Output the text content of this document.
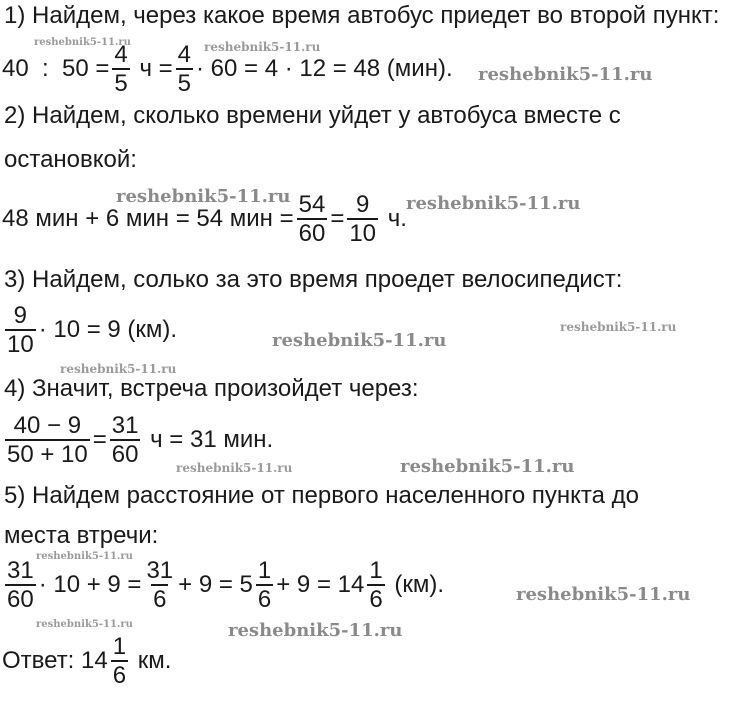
1) Найдем, через какое время автобус приедет во второй пункт:
40  :  $50 = \frac{4}{5}$ $ч = \frac{4}{5} \cdot 60 = 4 \cdot 12 = 48$ (мин).
2) Найдем, сколько времени уйдет у автобуса вместе с
остановкой:
48 мин + 6 мин = 54 мин = $\frac{54}{60} = \frac{9}{10} ч$.
3) Найдем, солько за это время проедет велосипедист:
$\frac{9}{10} \cdot 10 = 9$ (км).
4) Значит, встреча произойдет через:
$\frac{40 - 9}{50 + 10} = \frac{31}{60}$ ч = 31 мин.
5) Найдем расстояние от первого населенного пункта до
места втречи:
$\frac{31}{60} \cdot 10 + 9 = \frac{31}{6} + 9 = 5 \frac{1}{6} + 9 = 14 \frac{1}{6} (км)$.
Ответ: $14 \frac{1}{6}$ км.
reshebnik5-11.ru	reshebnik5-11.ru
reshebnik5-11.ru
reshebnik5-11.ru	reshebnik5-11.ru
reshebnik5-11.ru
reshebnik5-11.ru
reshebnik5-11.ru
reshebnik5-11.ru	reshebnik5-11.ru
reshebnik5-11.ru
reshebnik5-11.ru
reshebnik5-11.ru	reshebnik5-11.ru
